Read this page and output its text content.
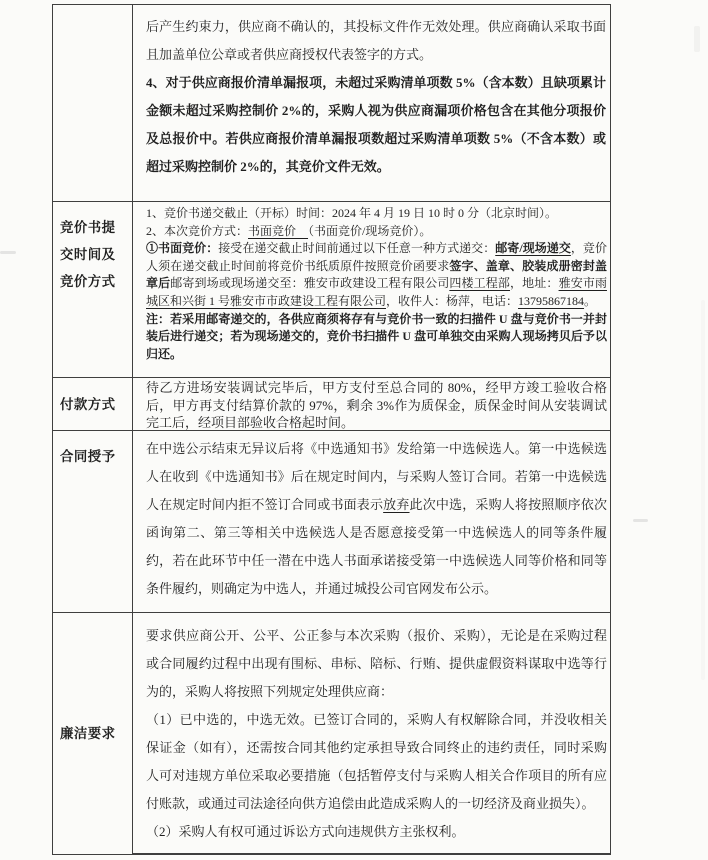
后产生约束力，供应商不确认的，其投标文件作无效处理。供应商确认采取书面且加盖单位公章或者供应商授权代表签字的方式。

4、对于供应商报价清单漏报项，未超过采购清单项数 5%（含本数）且缺项累计金额未超过采购控制价 2%的，采购人视为供应商漏项价格包含在其他分项报价及总报价中。若供应商报价清单漏报项数超过采购清单项数 5%（不含本数）或超过采购控制价 2%的，其竞价文件无效。

竞价书提交时间及竞价方式

1、竞价书递交截止（开标）时间：2024 年 4 月 19 日 10 时 0 分（北京时间）。

2、本次竞价方式：书面竞价　（书面竞价/现场竞价）。

①书面竞价：接受在递交截止时间前通过以下任意一种方式递交：邮寄/现场递交，竞价人须在递交截止时间前将竞价书纸质原件按照竞价函要求签字、盖章、胶装成册密封盖章后邮寄到场或现场递交至：雅安市政建设工程有限公司四楼工程部，地址：雅安市雨城区和兴街 1 号雅安市市政建设工程有限公司，收件人：杨萍，电话：13795867184。

注：若采用邮寄递交的，各供应商须将存有与竞价书一致的扫描件 U 盘与竞价书一并封装后进行递交；若为现场递交的，竞价书扫描件 U 盘可单独交由采购人现场拷贝后予以归还。

付款方式

待乙方进场安装调试完毕后，甲方支付至总合同的 80%，经甲方竣工验收合格后，甲方再支付结算价款的 97%，剩余 3%作为质保金，质保金时间从安装调试完工后，经项目部验收合格起时间。

合同授予

在中选公示结束无异议后将《中选通知书》发给第一中选候选人。第一中选候选人在收到《中选通知书》后在规定时间内，与采购人签订合同。若第一中选候选人在规定时间内拒不签订合同或书面表示放弃此次中选，采购人将按照顺序依次函询第二、第三等相关中选候选人是否愿意接受第一中选候选人的同等条件履约，若在此环节中任一潜在中选人书面承诺接受第一中选候选人同等价格和同等条件履约，则确定为中选人，并通过城投公司官网发布公示。

廉洁要求

要求供应商公开、公平、公正参与本次采购（报价、采购），无论是在采购过程或合同履约过程中出现有围标、串标、陪标、行贿、提供虚假资料谋取中选等行为的，采购人将按照下列规定处理供应商：

（1）已中选的，中选无效。已签订合同的，采购人有权解除合同，并没收相关保证金（如有），还需按合同其他约定承担导致合同终止的违约责任，同时采购人可对违规方单位采取必要措施（包括暂停支付与采购人相关合作项目的所有应付账款，或通过司法途径向供方追偿由此造成采购人的一切经济及商业损失）。

（2）采购人有权可通过诉讼方式向违规供方主张权利。
